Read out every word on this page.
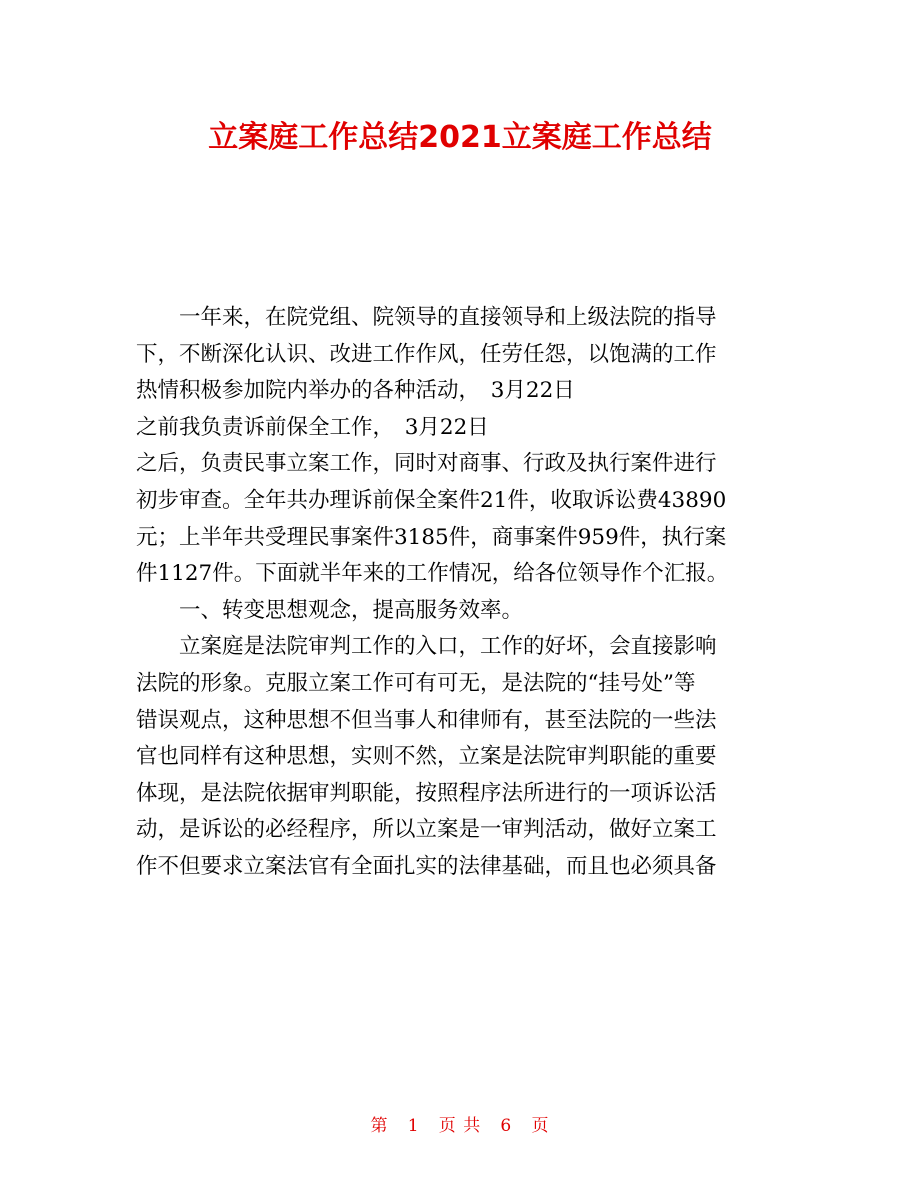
立案庭工作总结2021立案庭工作总结
一年来，在院党组、院领导的直接领导和上级法院的指导
下，不断深化认识、改进工作作风，任劳任怨，以饱满的工作
热情积极参加院内举办的各种活动，　3月22日
之前我负责诉前保全工作，　3月22日
之后，负责民事立案工作，同时对商事、行政及执行案件进行
初步审查。全年共办理诉前保全案件21件，收取诉讼费43890
元；上半年共受理民事案件3185件，商事案件959件，执行案
件1127件。下面就半年来的工作情况，给各位领导作个汇报。
一、转变思想观念，提高服务效率。
立案庭是法院审判工作的入口，工作的好坏，会直接影响
法院的形象。克服立案工作可有可无，是法院的“挂号处”等
错误观点，这种思想不但当事人和律师有，甚至法院的一些法
官也同样有这种思想，实则不然，立案是法院审判职能的重要
体现，是法院依据审判职能，按照程序法所进行的一项诉讼活
动，是诉讼的必经程序，所以立案是一审判活动，做好立案工
作不但要求立案法官有全面扎实的法律基础，而且也必须具备
第 1 页 共 6 页
